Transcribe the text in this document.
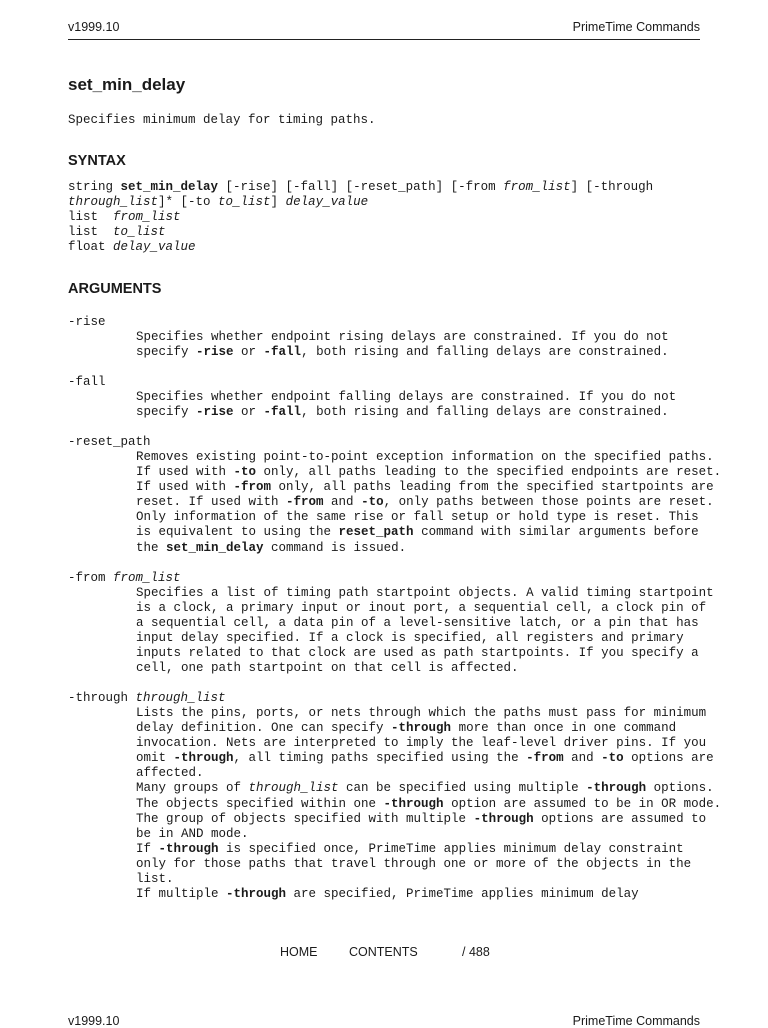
v1999.10	PrimeTime Commands
set_min_delay
Specifies minimum delay for timing paths.
SYNTAX
string set_min_delay [-rise] [-fall] [-reset_path] [-from from_list] [-through
through_list]* [-to to_list] delay_value
list  from_list
list  to_list
float delay_value
ARGUMENTS
-rise
Specifies whether endpoint rising delays are constrained. If you do not
specify -rise or -fall, both rising and falling delays are constrained.
-fall
Specifies whether endpoint falling delays are constrained. If you do not
specify -rise or -fall, both rising and falling delays are constrained.
-reset_path
Removes existing point-to-point exception information on the specified paths.
If used with -to only, all paths leading to the specified endpoints are reset.
If used with -from only, all paths leading from the specified startpoints are
reset. If used with -from and -to, only paths between those points are reset.
Only information of the same rise or fall setup or hold type is reset. This
is equivalent to using the reset_path command with similar arguments before
the set_min_delay command is issued.
-from from_list
Specifies a list of timing path startpoint objects. A valid timing startpoint
is a clock, a primary input or inout port, a sequential cell, a clock pin of
a sequential cell, a data pin of a level-sensitive latch, or a pin that has
input delay specified. If a clock is specified, all registers and primary
inputs related to that clock are used as path startpoints. If you specify a
cell, one path startpoint on that cell is affected.
-through through_list
Lists the pins, ports, or nets through which the paths must pass for minimum
delay definition. One can specify -through more than once in one command
invocation. Nets are interpreted to imply the leaf-level driver pins. If you
omit -through, all timing paths specified using the -from and -to options are
affected.
Many groups of through_list can be specified using multiple -through options.
The objects specified within one -through option are assumed to be in OR mode.
The group of objects specified with multiple -through options are assumed to
be in AND mode.
If -through is specified once, PrimeTime applies minimum delay constraint
only for those paths that travel through one or more of the objects in the
list.
If multiple -through are specified, PrimeTime applies minimum delay
HOME	CONTENTS	/ 488
v1999.10	PrimeTime Commands
